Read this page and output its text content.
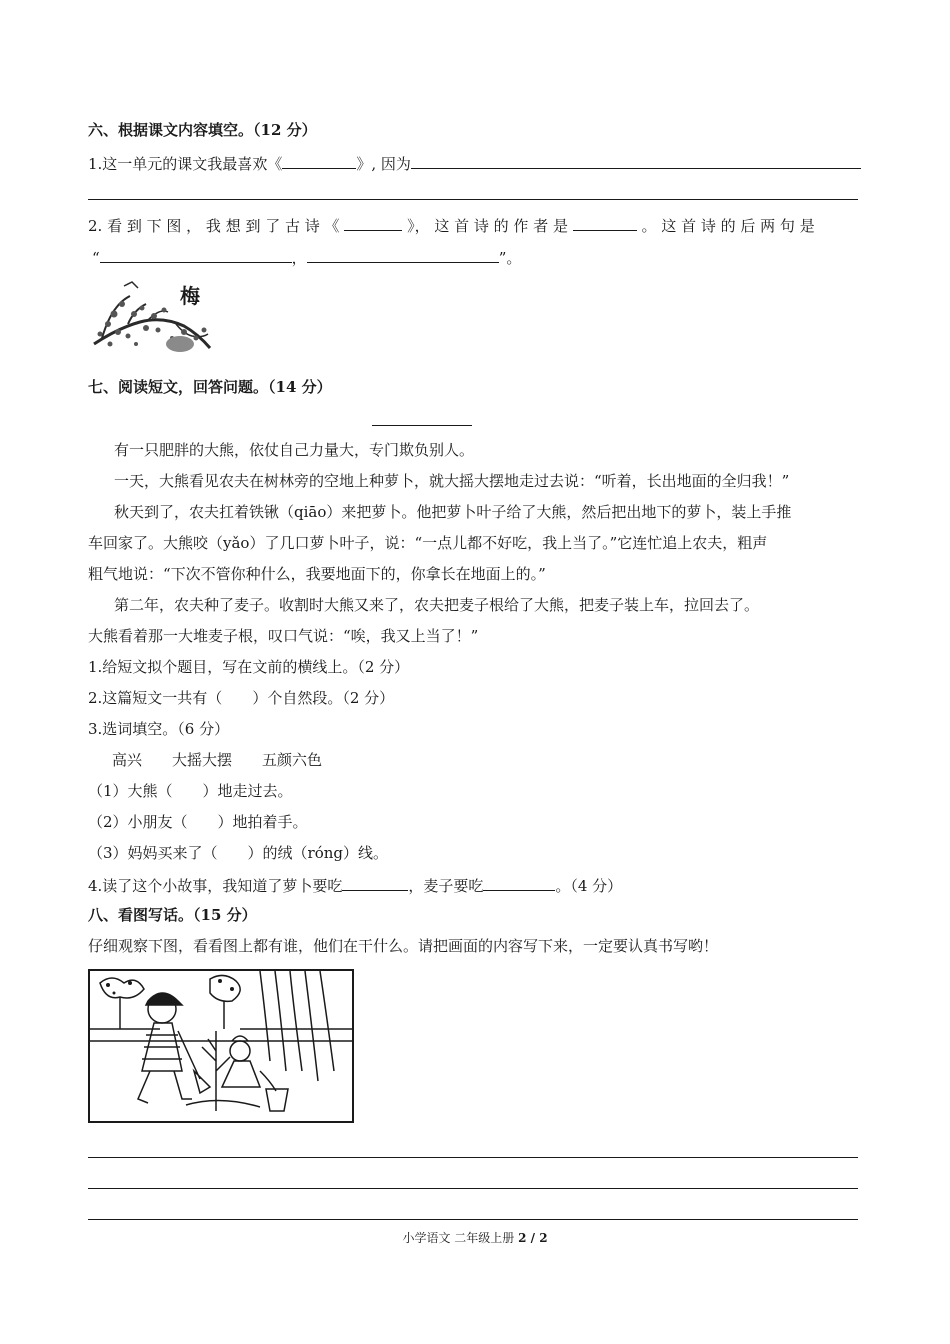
六、根据课文内容填空。（12 分）
1.这一单元的课文我最喜欢《	》, 因为
2. 看 到 下 图 ， 我 想 到 了 古 诗 《	》， 这 首 诗 的 作 者 是	。 这 首 诗 的 后 两 句 是
“	，	”。
梅
七、阅读短文，回答问题。（14 分）
有一只肥胖的大熊，依仗自己力量大，专门欺负别人。
一天，大熊看见农夫在树林旁的空地上种萝卜，就大摇大摆地走过去说：“听着，长出地面的全归我！”
秋天到了，农夫扛着铁锹（qiāo）来把萝卜。他把萝卜叶子给了大熊，然后把出地下的萝卜，装上手推
车回家了。大熊咬（yǎo）了几口萝卜叶子，说：“一点儿都不好吃，我上当了。”它连忙追上农夫，粗声
粗气地说：“下次不管你种什么，我要地面下的，你拿长在地面上的。”
第二年，农夫种了麦子。收割时大熊又来了，农夫把麦子根给了大熊，把麦子装上车，拉回去了。
大熊看着那一大堆麦子根，叹口气说：“唉，我又上当了！”
1.给短文拟个题目，写在文前的横线上。（2 分）
2.这篇短文一共有（　　）个自然段。（2 分）
3.选词填空。（6 分）
高兴　　大摇大摆　　五颜六色
（1）大熊（　　）地走过去。
（2）小朋友（　　）地拍着手。
（3）妈妈买来了（　　）的绒（róng）线。
4.读了这个小故事，我知道了萝卜要吃	，麦子要吃	。（4 分）
八、看图写话。（15 分）
仔细观察下图，看看图上都有谁，他们在干什么。请把画面的内容写下来，一定要认真书写哟！
小学语文 二年级上册 2 / 2
